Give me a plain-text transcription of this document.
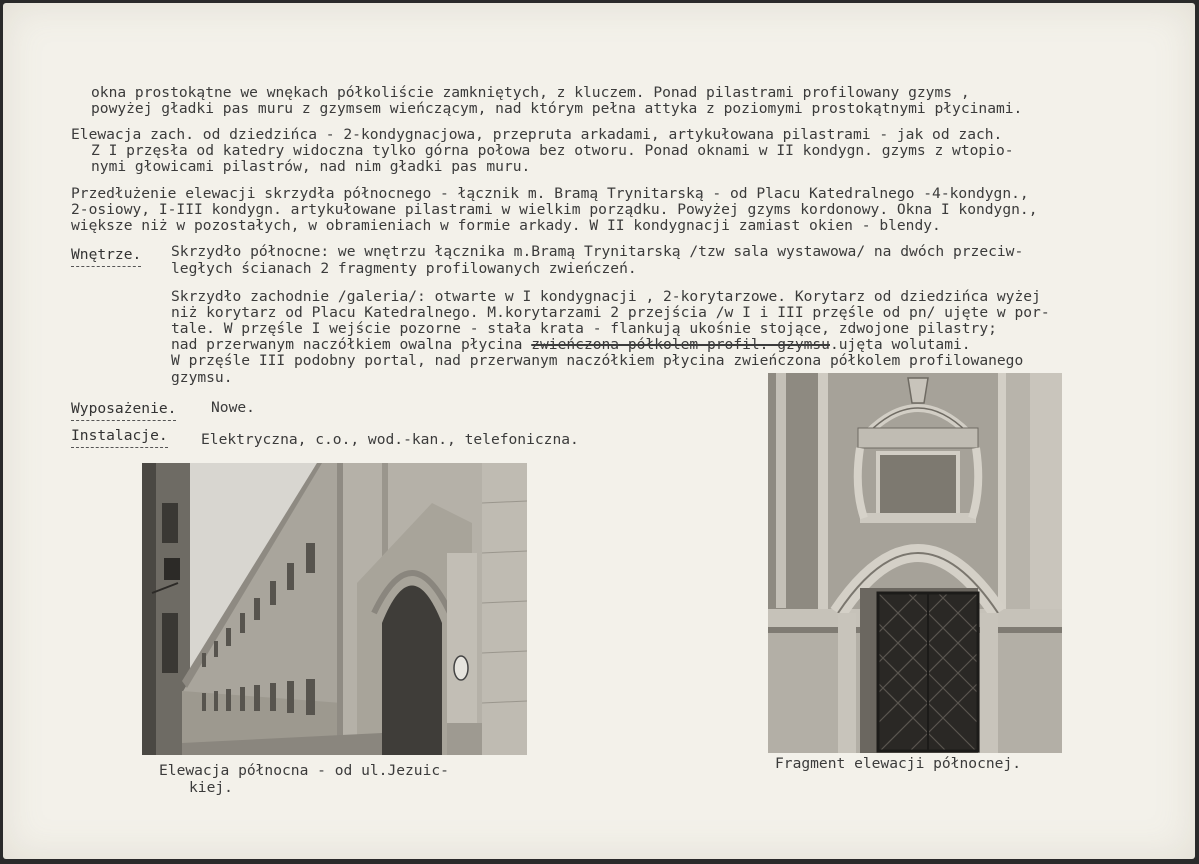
okna prostokątne we wnękach półkoliście zamkniętych, z kluczem. Ponad pilastrami profilowany gzyms ,
powyżej gładki pas muru z gzymsem wieńczącym, nad którym pełna attyka z poziomymi prostokątnymi płycinami.
Elewacja zach. od dziedzińca - 2-kondygnacjowa, przepruta arkadami, artykułowana pilastrami - jak od zach.
Z I przęsła od katedry widoczna tylko górna połowa bez otworu. Ponad oknami w II kondygn. gzyms z wtopio-
nymi głowicami pilastrów, nad nim gładki pas muru.
Przedłużenie elewacji skrzydła północnego - łącznik m. Bramą Trynitarską - od Placu Katedralnego -4-kondygn.,
2-osiowy, I-III kondygn. artykułowane pilastrami w wielkim porządku. Powyżej gzyms kordonowy. Okna I kondygn.,
większe niż w pozostałych, w obramieniach w formie arkady. W II kondygnacji zamiast okien - blendy.
Wnętrze. Skrzydło północne: we wnętrzu łącznika m.Bramą Trynitarską /tzw sala wystawowa/ na dwóch przeciw-
ległych ścianach 2 fragmenty profilowanych zwieńczeń.
Skrzydło zachodnie /galeria/: otwarte w I kondygnacji , 2-korytarzowe. Korytarz od dziedzińca wyżej
niż korytarz od Placu Katedralnego. M.korytarzami 2 przejścia /w I i III przęśle od pn/ ujęte w por-
tale. W przęśle I wejście pozorne - stała krata - flankują ukośnie stojące, zdwojone pilastry;
nad przerwanym naczółkiem owalna płycina zwieńczona półkolem profil. gzymsu.ujęta wolutami.
W przęśle III podobny portal, nad przerwanym naczółkiem płycina zwieńczona półkolem profilowanego
gzymsu.
Wyposażenie. Nowe.
Instalacje. Elektryczna, c.o., wod.-kan., telefoniczna.
Elewacja północna - od ul.Jezuic-
kiej.
Fragment elewacji północnej.
